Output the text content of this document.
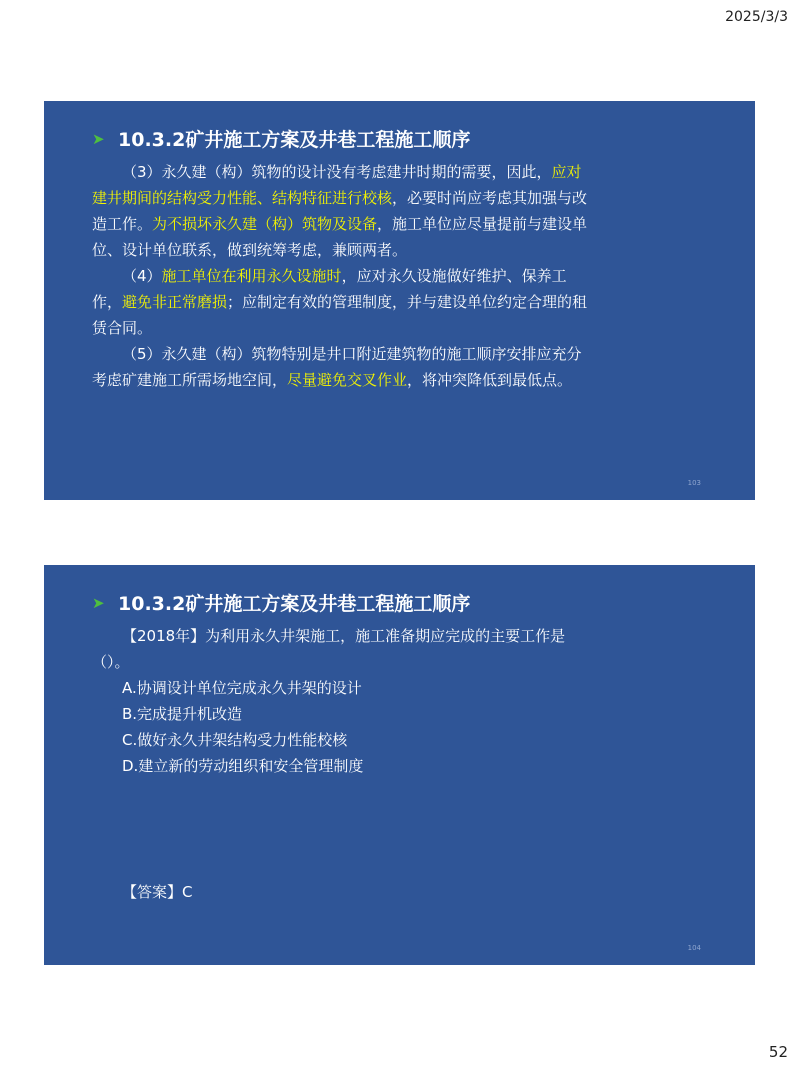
2025/3/3
➤ 10.3.2矿井施工方案及井巷工程施工顺序

（3）永久建（构）筑物的设计没有考虑建井时期的需要，因此，应对建井期间的结构受力性能、结构特征进行校核，必要时尚应考虑其加强与改造工作。为不损坏永久建（构）筑物及设备，施工单位应尽量提前与建设单位、设计单位联系，做到统筹考虑，兼顾两者。

（4）施工单位在利用永久设施时，应对永久设施做好维护、保养工作，避免非正常磨损；应制定有效的管理制度，并与建设单位约定合理的租赁合同。

（5）永久建（构）筑物特别是井口附近建筑物的施工顺序安排应充分考虑矿建施工所需场地空间，尽量避免交叉作业，将冲突降低到最低点。

103
➤ 10.3.2矿井施工方案及井巷工程施工顺序

【2018年】为利用永久井架施工，施工准备期应完成的主要工作是（）。

A.协调设计单位完成永久井架的设计

B.完成提升机改造

C.做好永久井架结构受力性能校核

D.建立新的劳动组织和安全管理制度

【答案】C
104
52
